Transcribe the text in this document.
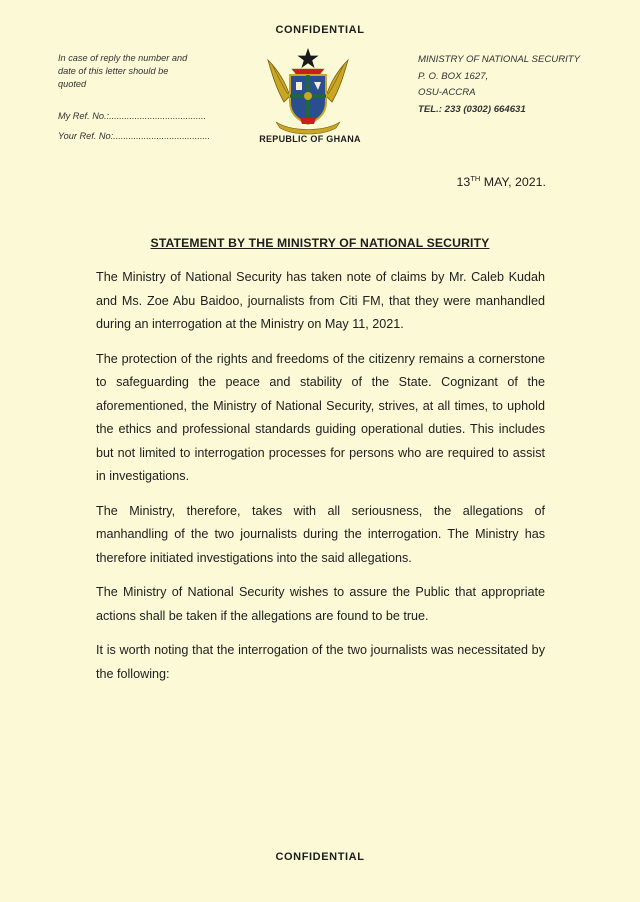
CONFIDENTIAL
In case of reply the number and date of this letter should be quoted
My Ref. No.:......................................
Your Ref. No:......................................	REPUBLIC OF GHANA
MINISTRY OF NATIONAL SECURITY
P. O. BOX 1627,
OSU-ACCRA
TEL.: 233 (0302) 664631
13TH MAY, 2021.
STATEMENT BY THE MINISTRY OF NATIONAL SECURITY

The Ministry of National Security has taken note of claims by Mr. Caleb Kudah and Ms. Zoe Abu Baidoo, journalists from Citi FM, that they were manhandled during an interrogation at the Ministry on May 11, 2021.

The protection of the rights and freedoms of the citizenry remains a cornerstone to safeguarding the peace and stability of the State. Cognizant of the aforementioned, the Ministry of National Security, strives, at all times, to uphold the ethics and professional standards guiding operational duties. This includes but not limited to interrogation processes for persons who are required to assist in investigations.

The Ministry, therefore, takes with all seriousness, the allegations of manhandling of the two journalists during the interrogation. The Ministry has therefore initiated investigations into the said allegations.

The Ministry of National Security wishes to assure the Public that appropriate actions shall be taken if the allegations are found to be true.

It is worth noting that the interrogation of the two journalists was necessitated by the following:

CONFIDENTIAL
